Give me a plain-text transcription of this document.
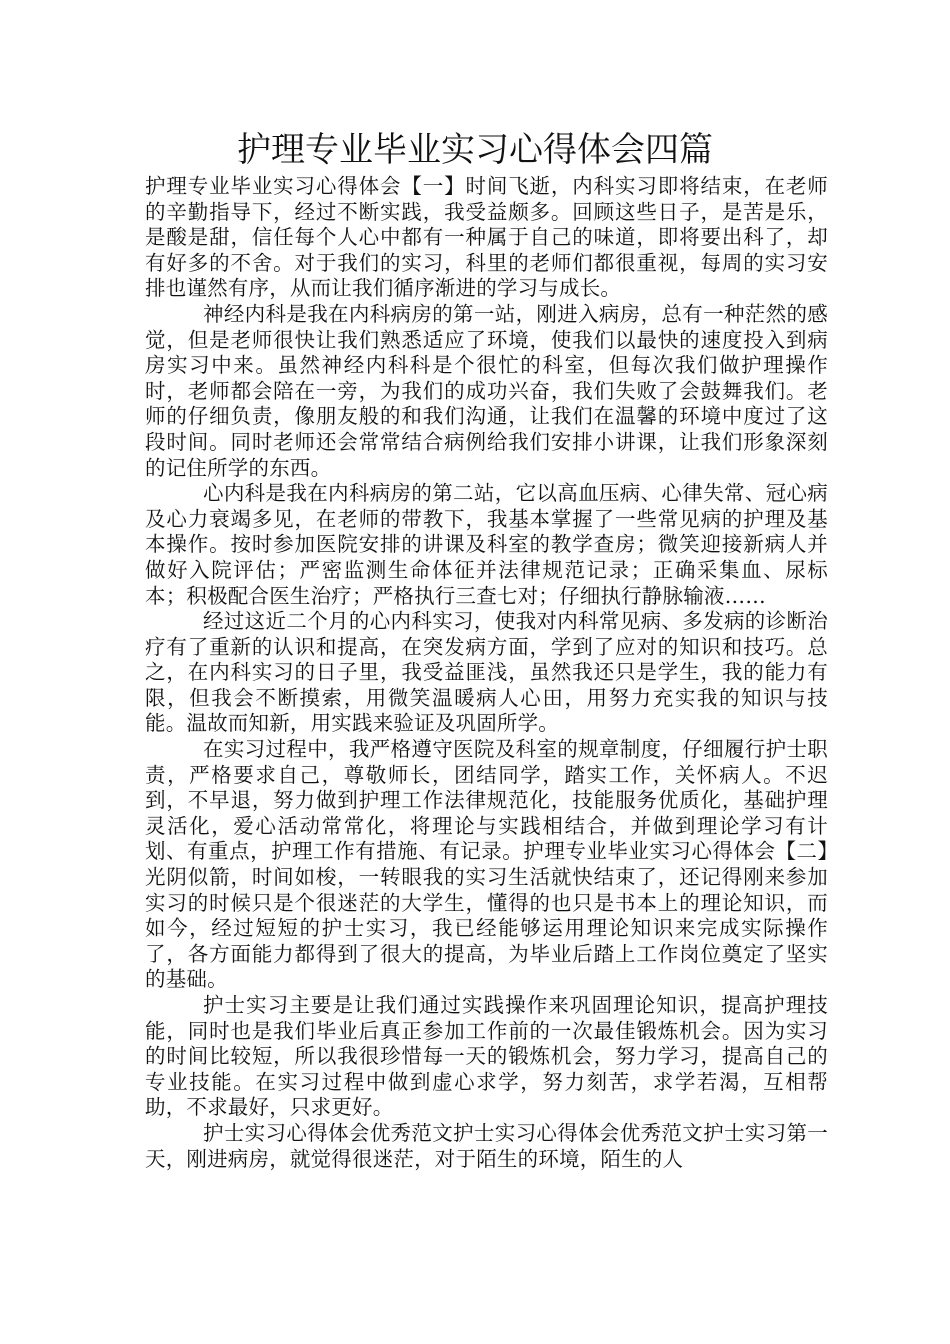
护理专业毕业实习心得体会四篇

护理专业毕业实习心得体会【一】时间飞逝，内科实习即将结束，在老师的辛勤指导下，经过不断实践，我受益颇多。回顾这些日子，是苦是乐，是酸是甜，信任每个人心中都有一种属于自己的味道，即将要出科了，却有好多的不舍。对于我们的实习，科里的老师们都很重视，每周的实习安排也谨然有序，从而让我们循序渐进的学习与成长。

神经内科是我在内科病房的第一站，刚进入病房，总有一种茫然的感觉，但是老师很快让我们熟悉适应了环境，使我们以最快的速度投入到病房实习中来。虽然神经内科科是个很忙的科室，但每次我们做护理操作时，老师都会陪在一旁，为我们的成功兴奋，我们失败了会鼓舞我们。老师的仔细负责，像朋友般的和我们沟通，让我们在温馨的环境中度过了这段时间。同时老师还会常常结合病例给我们安排小讲课，让我们形象深刻的记住所学的东西。

心内科是我在内科病房的第二站，它以高血压病、心律失常、冠心病及心力衰竭多见，在老师的带教下，我基本掌握了一些常见病的护理及基本操作。按时参加医院安排的讲课及科室的教学查房；微笑迎接新病人并做好入院评估；严密监测生命体征并法律规范记录；正确采集血、尿标本；积极配合医生治疗；严格执行三查七对；仔细执行静脉输液……

经过这近二个月的心内科实习，使我对内科常见病、多发病的诊断治疗有了重新的认识和提高，在突发病方面，学到了应对的知识和技巧。总之，在内科实习的日子里，我受益匪浅，虽然我还只是学生，我的能力有限，但我会不断摸索，用微笑温暖病人心田，用努力充实我的知识与技能。温故而知新，用实践来验证及巩固所学。

在实习过程中，我严格遵守医院及科室的规章制度，仔细履行护士职责，严格要求自己，尊敬师长，团结同学，踏实工作，关怀病人。不迟到，不早退，努力做到护理工作法律规范化，技能服务优质化，基础护理灵活化，爱心活动常常化，将理论与实践相结合，并做到理论学习有计划、有重点，护理工作有措施、有记录。护理专业毕业实习心得体会【二】光阴似箭，时间如梭，一转眼我的实习生活就快结束了，还记得刚来参加实习的时候只是个很迷茫的大学生，懂得的也只是书本上的理论知识，而如今，经过短短的护士实习，我已经能够运用理论知识来完成实际操作了，各方面能力都得到了很大的提高，为毕业后踏上工作岗位奠定了坚实的基础。

护士实习主要是让我们通过实践操作来巩固理论知识，提高护理技能，同时也是我们毕业后真正参加工作前的一次最佳锻炼机会。因为实习的时间比较短，所以我很珍惜每一天的锻炼机会，努力学习，提高自己的专业技能。在实习过程中做到虚心求学，努力刻苦，求学若渴，互相帮助，不求最好，只求更好。

护士实习心得体会优秀范文护士实习心得体会优秀范文护士实习第一天，刚进病房，就觉得很迷茫，对于陌生的环境，陌生的人
